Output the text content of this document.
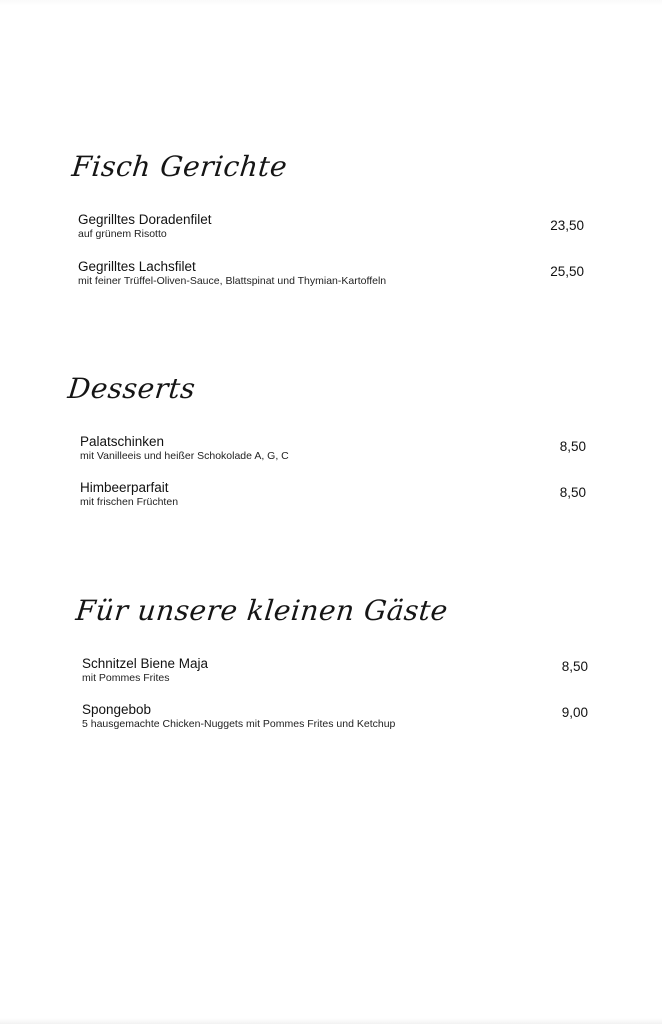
Fisch Gerichte
Gegrilltes Doradenfilet
auf grünem Risotto
23,50
Gegrilltes Lachsfilet
mit feiner Trüffel-Oliven-Sauce, Blattspinat und Thymian-Kartoffeln
25,50
Desserts
Palatschinken
mit Vanilleeis und heißer Schokolade A, G, C
8,50
Himbeerparfait
mit frischen Früchten
8,50
Für unsere kleinen Gäste
Schnitzel Biene Maja
mit Pommes Frites
8,50
Spongebob
5 hausgemachte Chicken-Nuggets mit Pommes Frites und Ketchup
9,00
